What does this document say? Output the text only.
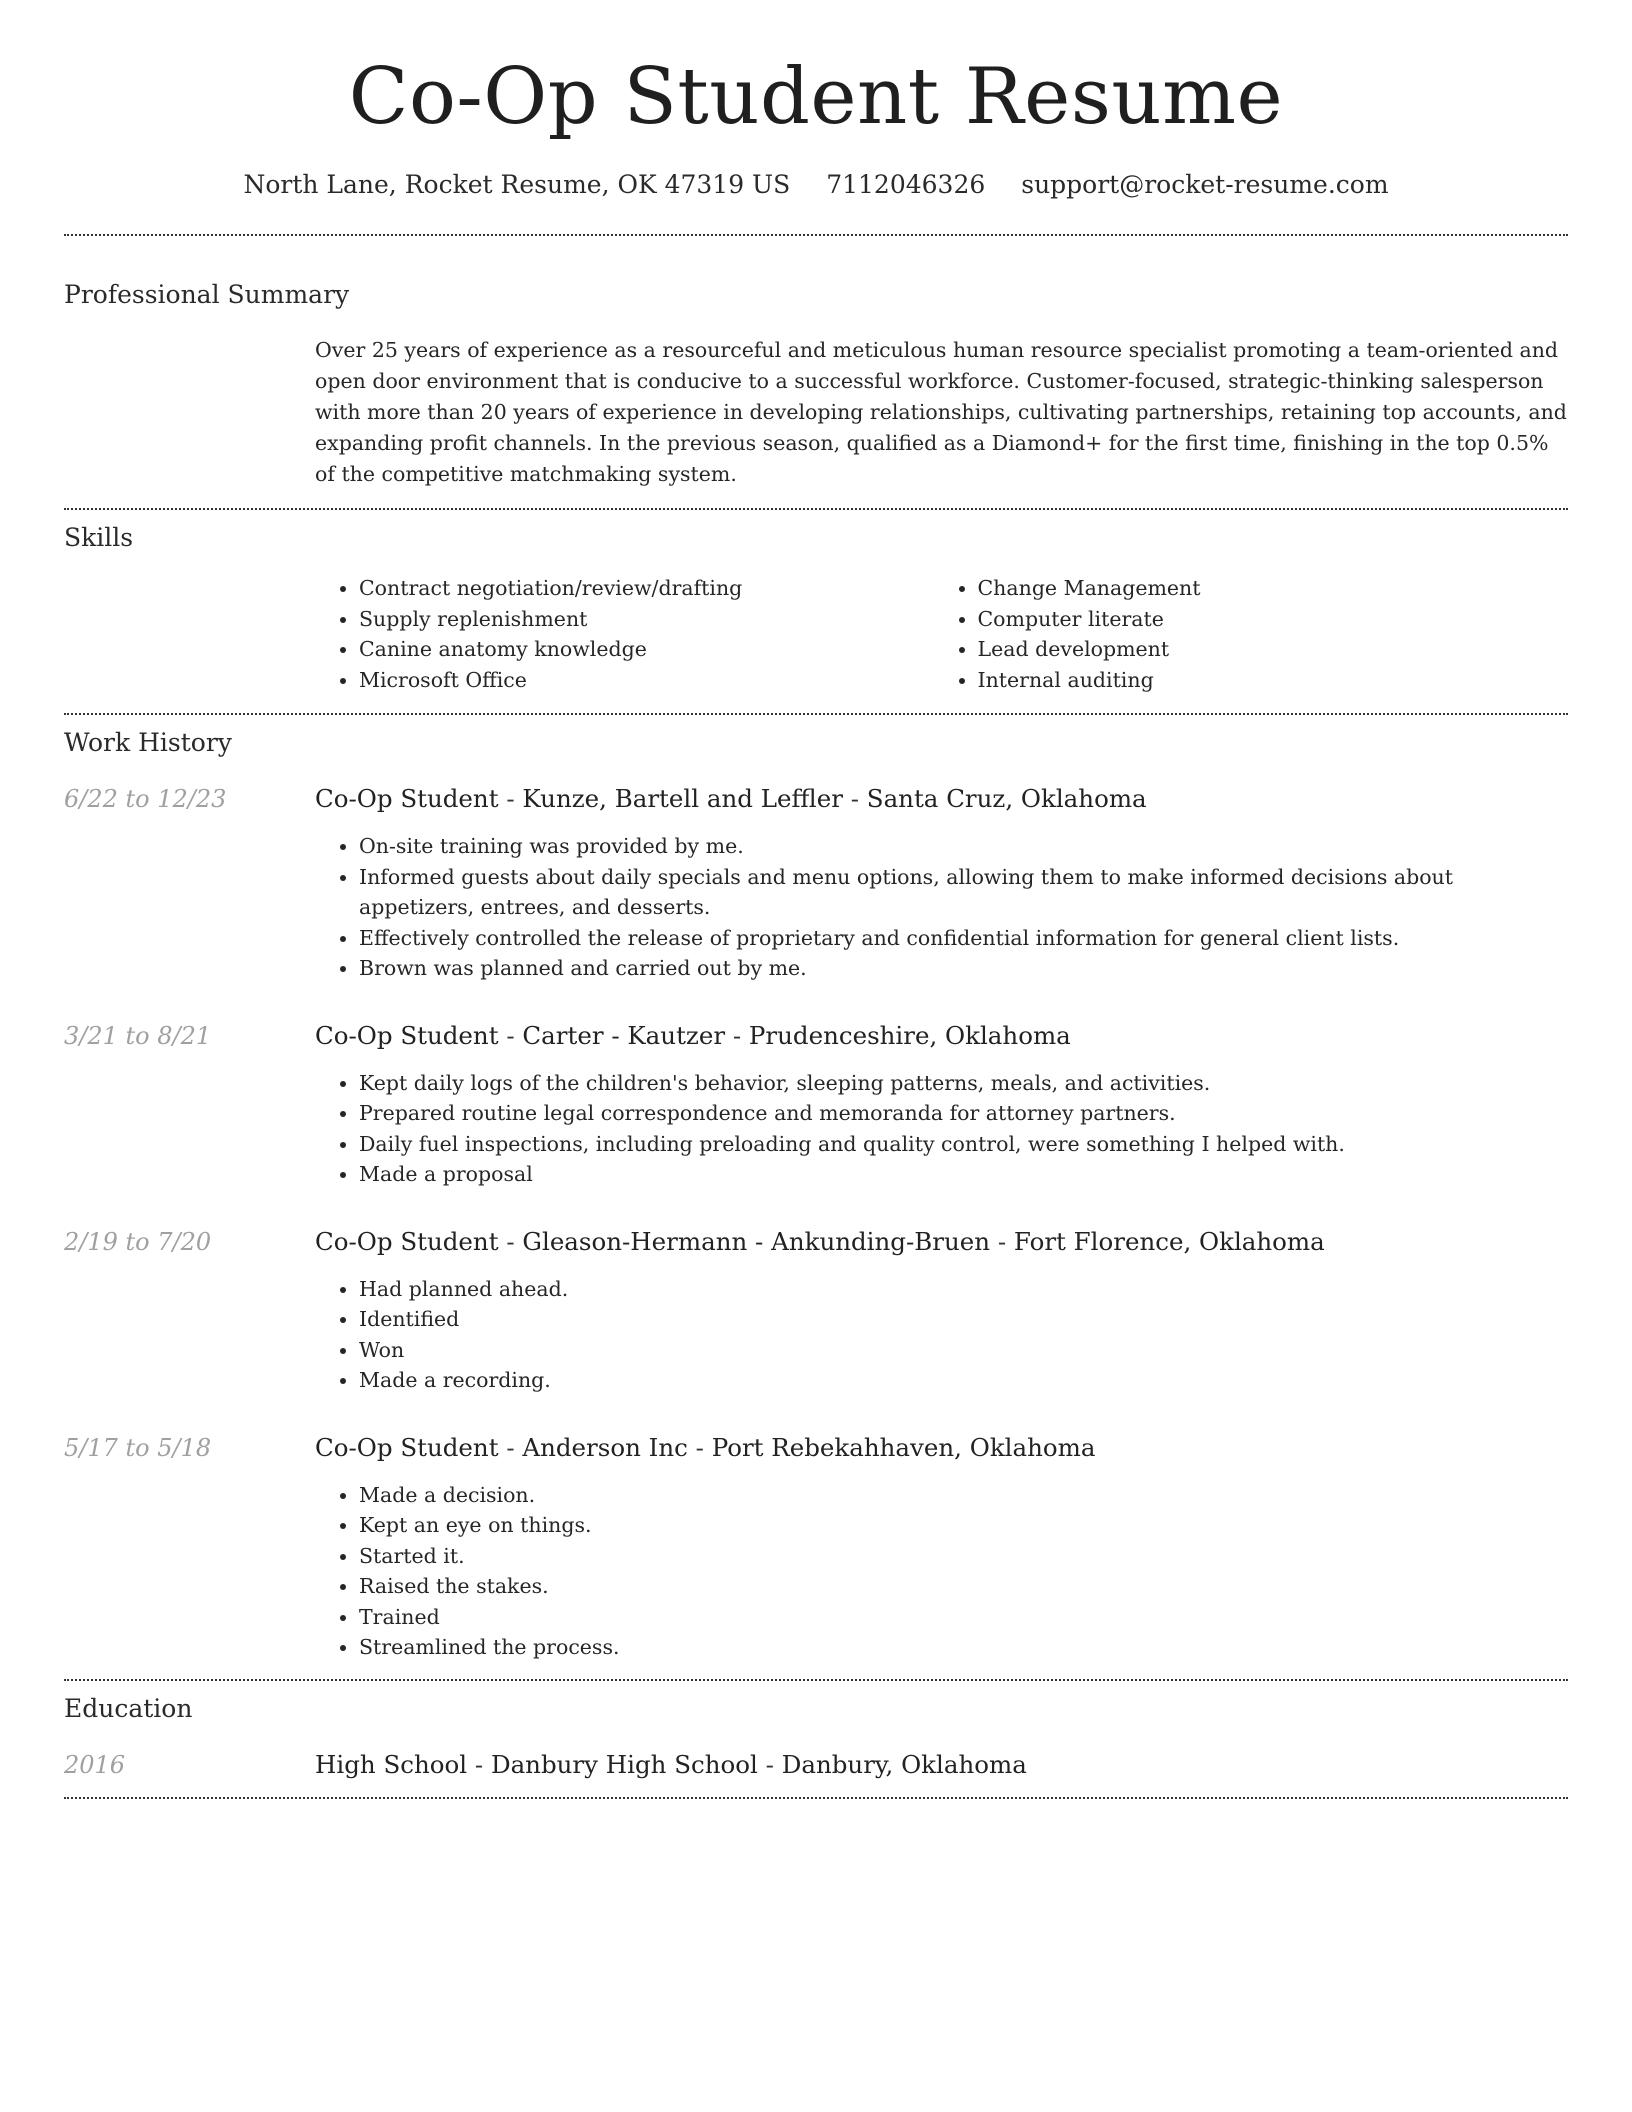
Co-Op Student Resume
North Lane, Rocket Resume, OK 47319 US 7112046326 support@rocket-resume.com
Professional Summary
Over 25 years of experience as a resourceful and meticulous human resource specialist promoting a team-oriented and open door environment that is conducive to a successful workforce. Customer-focused, strategic-thinking salesperson with more than 20 years of experience in developing relationships, cultivating partnerships, retaining top accounts, and expanding profit channels. In the previous season, qualified as a Diamond+ for the first time, finishing in the top 0.5% of the competitive matchmaking system.
Skills
• Contract negotiation/review/drafting
• Supply replenishment
• Canine anatomy knowledge
• Microsoft Office
• Change Management
• Computer literate
• Lead development
• Internal auditing
Work History
6/22 to 12/23	Co-Op Student - Kunze, Bartell and Leffler - Santa Cruz, Oklahoma
• On-site training was provided by me.
• Informed guests about daily specials and menu options, allowing them to make informed decisions about appetizers, entrees, and desserts.
• Effectively controlled the release of proprietary and confidential information for general client lists.
• Brown was planned and carried out by me.
3/21 to 8/21	Co-Op Student - Carter - Kautzer - Prudenceshire, Oklahoma
• Kept daily logs of the children's behavior, sleeping patterns, meals, and activities.
• Prepared routine legal correspondence and memoranda for attorney partners.
• Daily fuel inspections, including preloading and quality control, were something I helped with.
• Made a proposal
2/19 to 7/20	Co-Op Student - Gleason-Hermann - Ankunding-Bruen - Fort Florence, Oklahoma
• Had planned ahead.
• Identified
• Won
• Made a recording.
5/17 to 5/18	Co-Op Student - Anderson Inc - Port Rebekahhaven, Oklahoma
• Made a decision.
• Kept an eye on things.
• Started it.
• Raised the stakes.
• Trained
• Streamlined the process.
Education
2016	High School - Danbury High School - Danbury, Oklahoma
